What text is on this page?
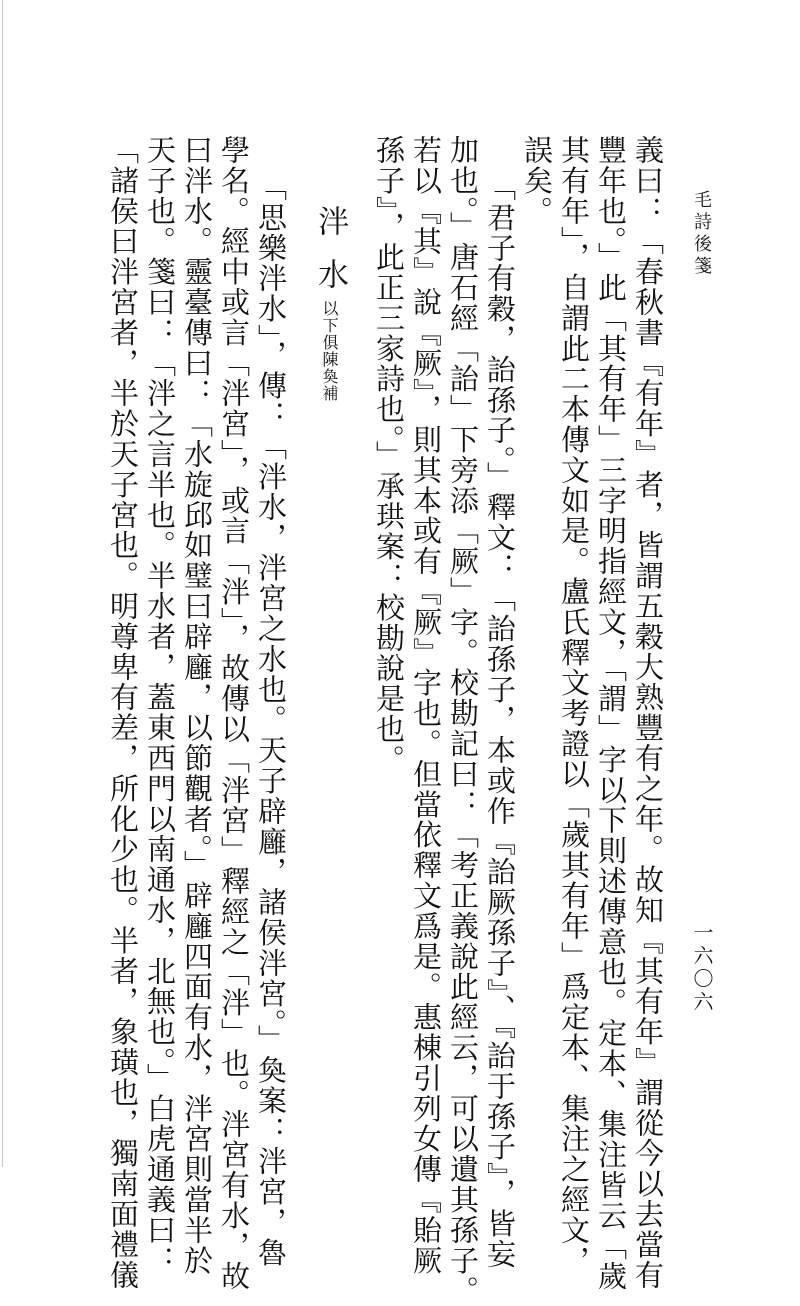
毛詩後箋
一六〇六
義曰：「春秋書『有年』者，皆謂五穀大熟豐有之年。故知『其有年』謂從今以去當有
豐年也。」此「其有年」三字明指經文，「謂」字以下則述傳意也。定本、集注皆云「歲
其有年」，自謂此二本傳文如是。盧氏釋文考證以「歲其有年」爲定本、集注之經文，
誤矣。
「君子有穀，詒孫子。」釋文：「詒孫子，本或作『詒厥孫子』、『詒于孫子』，皆妄
加也。」唐石經「詒」下旁添「厥」字。校勘記曰：「考正義說此經云，可以遺其孫子。
若以『其』說『厥』，則其本或有『厥』字也。但當依釋文爲是。惠棟引列女傳『貽厥
孫子』，此正三家詩也。」承珙案：校勘說是也。
泮水
以下俱陳奐補
「思樂泮水」，傳：「泮水，泮宮之水也。天子辟廱，諸侯泮宮。」奐案：泮宮，魯
學名。經中或言「泮宮」，或言「泮」，故傳以「泮宮」釋經之「泮」也。泮宮有水，故
曰泮水。靈臺傳曰：「水旋邱如璧曰辟廱，以節觀者。」辟廱四面有水，泮宮則當半於
天子也。箋曰：「泮之言半也。半水者，蓋東西門以南通水，北無也。」白虎通義曰：
「諸侯曰泮宮者，半於天子宮也。明尊卑有差，所化少也。半者，象璜也，獨南面禮儀
